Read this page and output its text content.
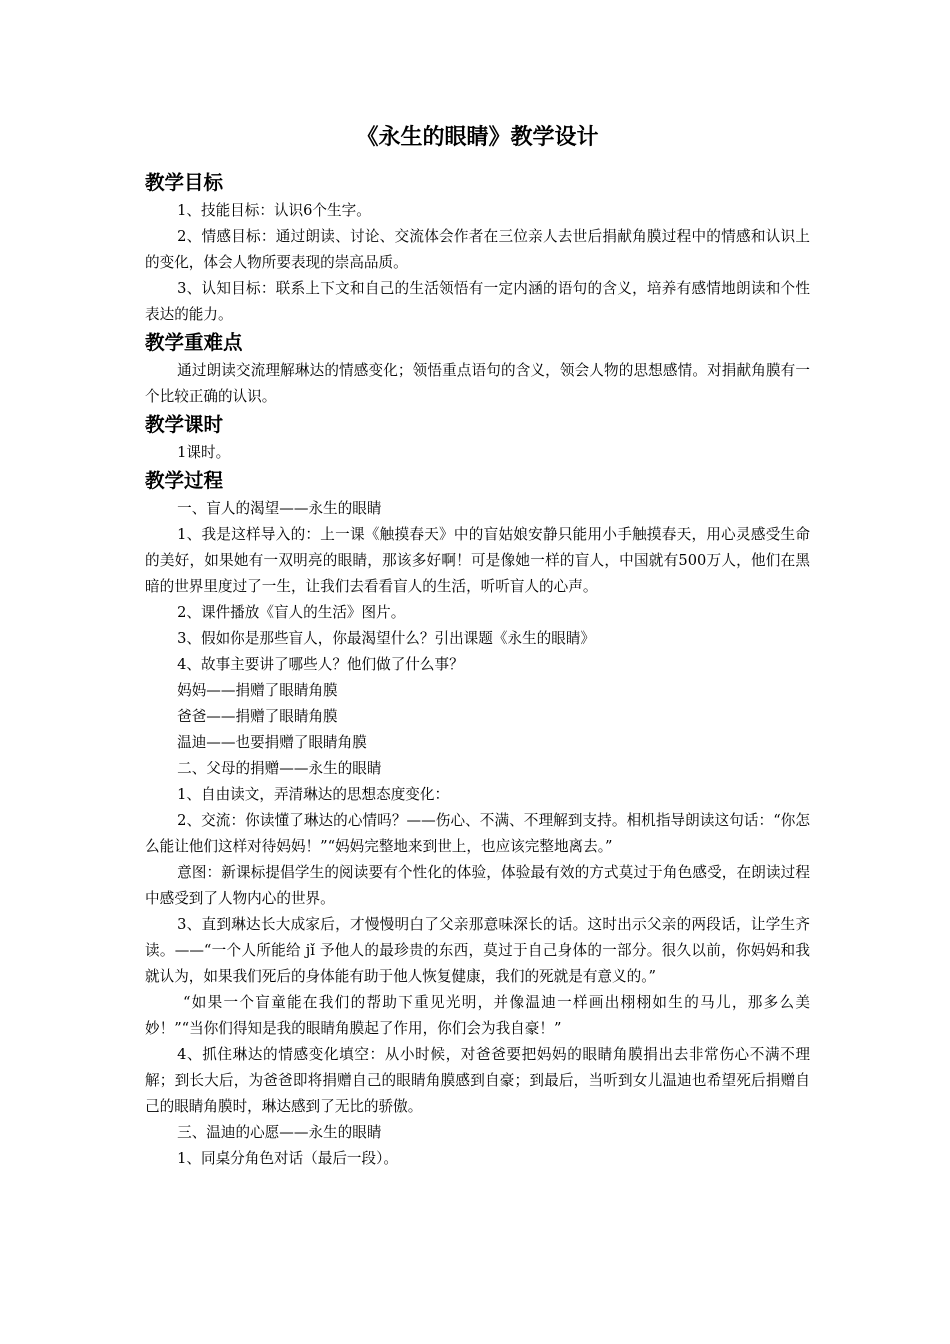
《永生的眼睛》教学设计
教学目标

1、技能目标：认识6个生字。

2、情感目标：通过朗读、讨论、交流体会作者在三位亲人去世后捐献角膜过程中的情感和认识上的变化，体会人物所要表现的崇高品质。

3、认知目标：联系上下文和自己的生活领悟有一定内涵的语句的含义，培养有感情地朗读和个性表达的能力。

教学重难点

通过朗读交流理解琳达的情感变化；领悟重点语句的含义，领会人物的思想感情。对捐献角膜有一个比较正确的认识。

教学课时

1课时。

教学过程

一、盲人的渴望——永生的眼睛

1、我是这样导入的：上一课《触摸春天》中的盲姑娘安静只能用小手触摸春天，用心灵感受生命的美好，如果她有一双明亮的眼睛，那该多好啊！可是像她一样的盲人，中国就有500万人，他们在黑暗的世界里度过了一生，让我们去看看盲人的生活，听听盲人的心声。

2、课件播放《盲人的生活》图片。

3、假如你是那些盲人，你最渴望什么？引出课题《永生的眼睛》

4、故事主要讲了哪些人？他们做了什么事？

妈妈——捐赠了眼睛角膜

爸爸——捐赠了眼睛角膜

温迪——也要捐赠了眼睛角膜

二、父母的捐赠——永生的眼睛

1、自由读文，弄清琳达的思想态度变化：

2、交流：你读懂了琳达的心情吗？——伤心、不满、不理解到支持。相机指导朗读这句话：“你怎么能让他们这样对待妈妈！”“妈妈完整地来到世上，也应该完整地离去。”

意图：新课标提倡学生的阅读要有个性化的体验，体验最有效的方式莫过于角色感受，在朗读过程中感受到了人物内心的世界。

3、直到琳达长大成家后，才慢慢明白了父亲那意味深长的话。这时出示父亲的两段话，让学生齐读。——“一个人所能给 jǐ 予他人的最珍贵的东西，莫过于自己身体的一部分。很久以前，你妈妈和我就认为，如果我们死后的身体能有助于他人恢复健康，我们的死就是有意义的。”

“如果一个盲童能在我们的帮助下重见光明，并像温迪一样画出栩栩如生的马儿，那多么美妙！”“当你们得知是我的眼睛角膜起了作用，你们会为我自豪！”

4、抓住琳达的情感变化填空：从小时候，对爸爸要把妈妈的眼睛角膜捐出去非常伤心不满不理解；到长大后，为爸爸即将捐赠自己的眼睛角膜感到自豪；到最后，当听到女儿温迪也希望死后捐赠自己的眼睛角膜时，琳达感到了无比的骄傲。

三、温迪的心愿——永生的眼睛

1、同桌分角色对话（最后一段）。
